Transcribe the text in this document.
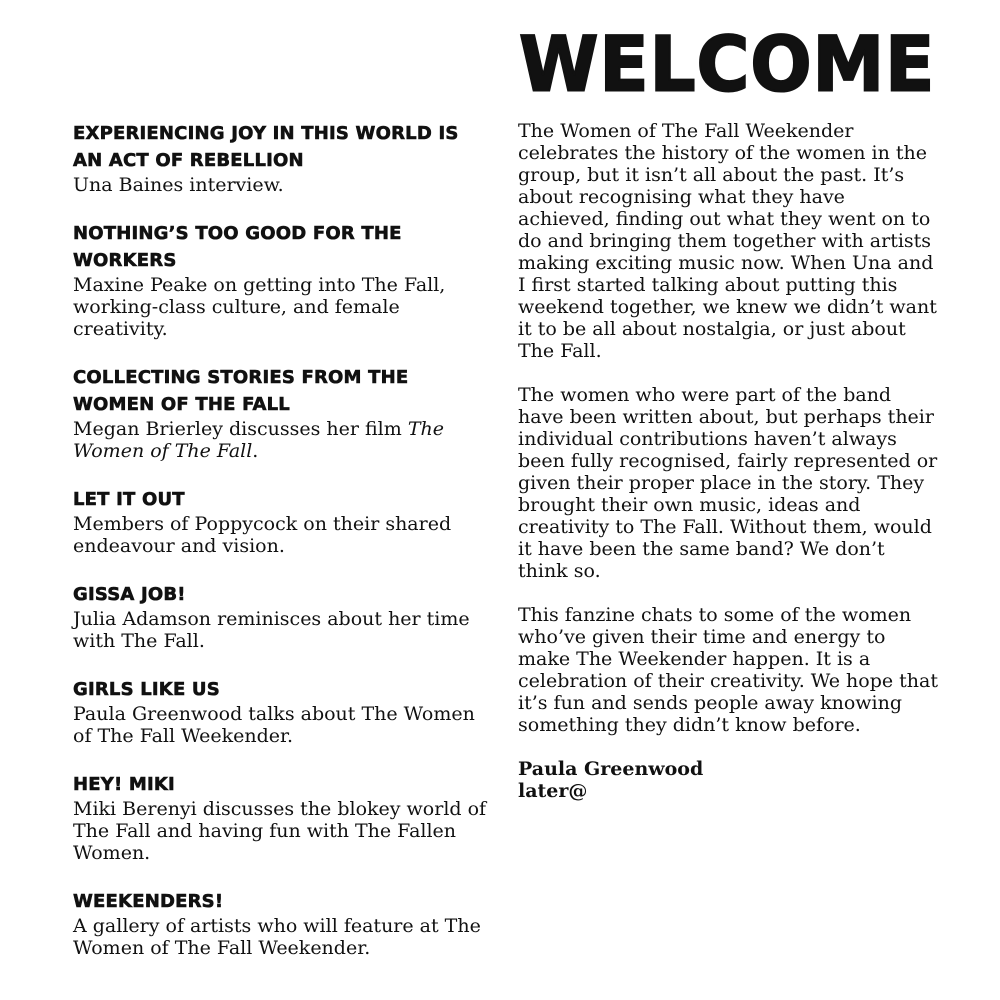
WELCOME
EXPERIENCING JOY IN THIS WORLD IS AN ACT OF REBELLION
Una Baines interview.
NOTHING’S TOO GOOD FOR THE WORKERS
Maxine Peake on getting into The Fall, working-class culture, and female creativity.
COLLECTING STORIES FROM THE WOMEN OF THE FALL
Megan Brierley discusses her film The Women of The Fall.
LET IT OUT
Members of Poppycock on their shared endeavour and vision.
GISSA JOB!
Julia Adamson reminisces about her time with The Fall.
GIRLS LIKE US
Paula Greenwood talks about The Women of The Fall Weekender.
HEY! MIKI
Miki Berenyi discusses the blokey world of The Fall and having fun with The Fallen Women.
WEEKENDERS!
A gallery of artists who will feature at The Women of The Fall Weekender.

The Women of The Fall Weekender celebrates the history of the women in the group, but it isn’t all about the past. It’s about recognising what they have achieved, finding out what they went on to do and bringing them together with artists making exciting music now. When Una and I first started talking about putting this weekend together, we knew we didn’t want it to be all about nostalgia, or just about The Fall.

The women who were part of the band have been written about, but perhaps their individual contributions haven’t always been fully recognised, fairly represented or given their proper place in the story. They brought their own music, ideas and creativity to The Fall. Without them, would it have been the same band? We don’t think so.

This fanzine chats to some of the women who’ve given their time and energy to make The Weekender happen. It is a celebration of their creativity. We hope that it’s fun and sends people away knowing something they didn’t know before.

Paula Greenwood
later@
